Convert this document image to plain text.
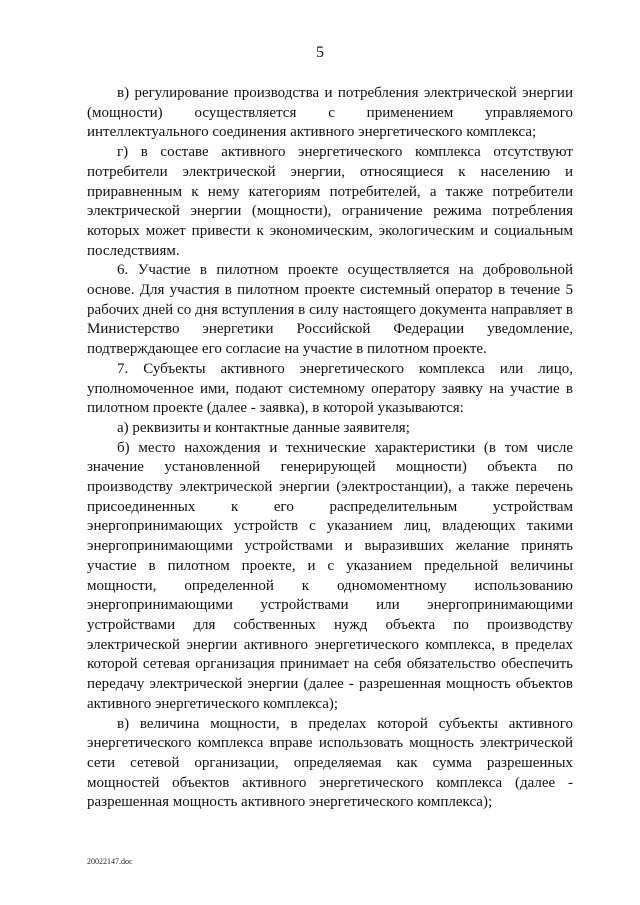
5

в) регулирование производства и потребления электрической энергии (мощности) осуществляется с применением управляемого интеллектуального соединения активного энергетического комплекса;

г) в составе активного энергетического комплекса отсутствуют потребители электрической энергии, относящиеся к населению и приравненным к нему категориям потребителей, а также потребители электрической энергии (мощности), ограничение режима потребления которых может привести к экономическим, экологическим и социальным последствиям.

6. Участие в пилотном проекте осуществляется на добровольной основе. Для участия в пилотном проекте системный оператор в течение 5 рабочих дней со дня вступления в силу настоящего документа направляет в Министерство энергетики Российской Федерации уведомление, подтверждающее его согласие на участие в пилотном проекте.

7. Субъекты активного энергетического комплекса или лицо, уполномоченное ими, подают системному оператору заявку на участие в пилотном проекте (далее - заявка), в которой указываются:

а) реквизиты и контактные данные заявителя;

б) место нахождения и технические характеристики (в том числе значение установленной генерирующей мощности) объекта по производству электрической энергии (электростанции), а также перечень присоединенных к его распределительным устройствам энергопринимающих устройств с указанием лиц, владеющих такими энергопринимающими устройствами и выразивших желание принять участие в пилотном проекте, и с указанием предельной величины мощности, определенной к одномоментному использованию энергопринимающими устройствами или энергопринимающими устройствами для собственных нужд объекта по производству электрической энергии активного энергетического комплекса, в пределах которой сетевая организация принимает на себя обязательство обеспечить передачу электрической энергии (далее - разрешенная мощность объектов активного энергетического комплекса);

в) величина мощности, в пределах которой субъекты активного энергетического комплекса вправе использовать мощность электрической сети сетевой организации, определяемая как сумма разрешенных мощностей объектов активного энергетического комплекса (далее - разрешенная мощность активного энергетического комплекса);

20022147.doc
